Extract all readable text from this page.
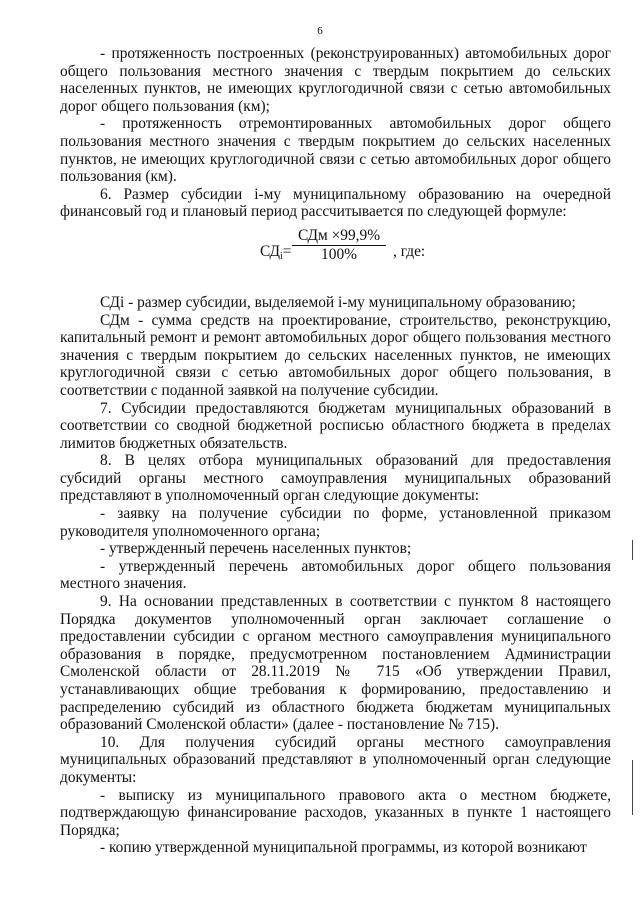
6

- протяженность построенных (реконструированных) автомобильных дорог общего пользования местного значения с твердым покрытием до сельских населенных пунктов, не имеющих круглогодичной связи с сетью автомобильных дорог общего пользования (км);

- протяженность отремонтированных автомобильных дорог общего пользования местного значения с твердым покрытием до сельских населенных пунктов, не имеющих круглогодичной связи с сетью автомобильных дорог общего пользования (км).

6. Размер субсидии i-му муниципальному образованию на очередной финансовый год и плановый период рассчитывается по следующей формуле:

$СД_i=$
СДм ×99,9%
100%	, где:

СДi - размер субсидии, выделяемой i-му муниципальному образованию;

СДм - сумма средств на проектирование, строительство, реконструкцию, капитальный ремонт и ремонт автомобильных дорог общего пользования местного значения с твердым покрытием до сельских населенных пунктов, не имеющих круглогодичной связи с сетью автомобильных дорог общего пользования, в соответствии с поданной заявкой на получение субсидии.

7. Субсидии предоставляются бюджетам муниципальных образований в соответствии со сводной бюджетной росписью областного бюджета в пределах лимитов бюджетных обязательств.

8. В целях отбора муниципальных образований для предоставления субсидий органы местного самоуправления муниципальных образований представляют в уполномоченный орган следующие документы:

- заявку на получение субсидии по форме, установленной приказом руководителя уполномоченного органа;

- утвержденный перечень населенных пунктов;

- утвержденный перечень автомобильных дорог общего пользования местного значения.

9. На основании представленных в соответствии с пунктом 8 настоящего Порядка документов уполномоченный орган заключает соглашение о предоставлении субсидии с органом местного самоуправления муниципального образования в порядке, предусмотренном постановлением Администрации Смоленской области от 28.11.2019 № 715 «Об утверждении Правил, устанавливающих общие требования к формированию, предоставлению и распределению субсидий из областного бюджета бюджетам муниципальных образований Смоленской области» (далее - постановление № 715).

10. Для получения субсидий органы местного самоуправления муниципальных образований представляют в уполномоченный орган следующие документы:

- выписку из муниципального правового акта о местном бюджете, подтверждающую финансирование расходов, указанных в пункте 1 настоящего Порядка;

- копию утвержденной муниципальной программы, из которой возникают
